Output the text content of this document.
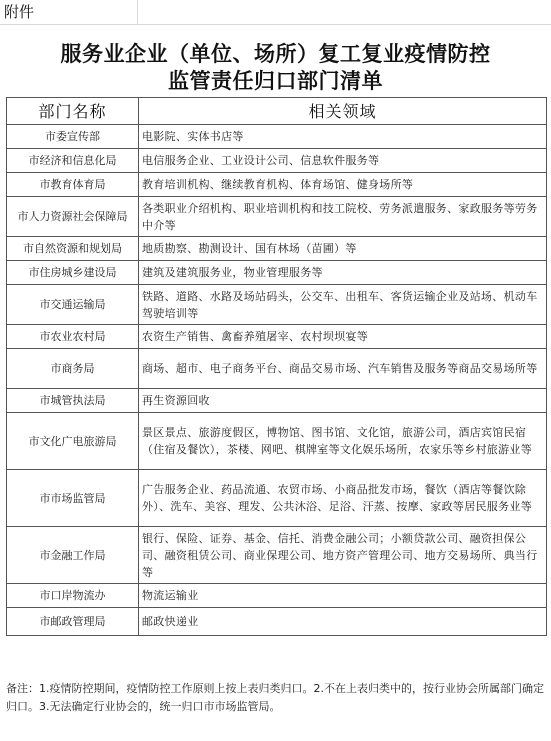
附件
服务业企业（单位、场所）复工复业疫情防控
监管责任归口部门清单
部门名称	相关领域
市委宣传部	电影院、实体书店等
市经济和信息化局	电信服务企业、工业设计公司、信息软件服务等
市教育体育局	教育培训机构、继续教育机构、体育场馆、健身场所等
市人力资源社会保障局	各类职业介绍机构、职业培训机构和技工院校、劳务派遣服务、家政服务等劳务中介等
市自然资源和规划局	地质勘察、勘测设计、国有林场（苗圃）等
市住房城乡建设局	建筑及建筑服务业，物业管理服务等
市交通运输局	铁路、道路、水路及场站码头，公交车、出租车、客货运输企业及站场、机动车驾驶培训等
市农业农村局	农资生产销售、禽畜养殖屠宰、农村坝坝宴等
市商务局	商场、超市、电子商务平台、商品交易市场、汽车销售及服务等商品交易场所等
市城管执法局	再生资源回收
市文化广电旅游局	景区景点、旅游度假区，博物馆、图书馆、文化馆，旅游公司，酒店宾馆民宿（住宿及餐饮），茶楼、网吧、棋牌室等文化娱乐场所，农家乐等乡村旅游业等
市市场监管局	广告服务企业、药品流通、农贸市场、小商品批发市场，餐饮（酒店等餐饮除外）、洗车、美容、理发、公共沐浴、足浴、汗蒸、按摩、家政等居民服务业等
市金融工作局	银行、保险、证券、基金、信托、消费金融公司；小额贷款公司、融资担保公司、融资租赁公司、商业保理公司、地方资产管理公司、地方交易场所、典当行等
市口岸物流办	物流运输业
市邮政管理局	邮政快递业
备注：1.疫情防控期间，疫情防控工作原则上按上表归类归口。2.不在上表归类中的，按行业协会所属部门确定归口。3.无法确定行业协会的，统一归口市市场监管局。
